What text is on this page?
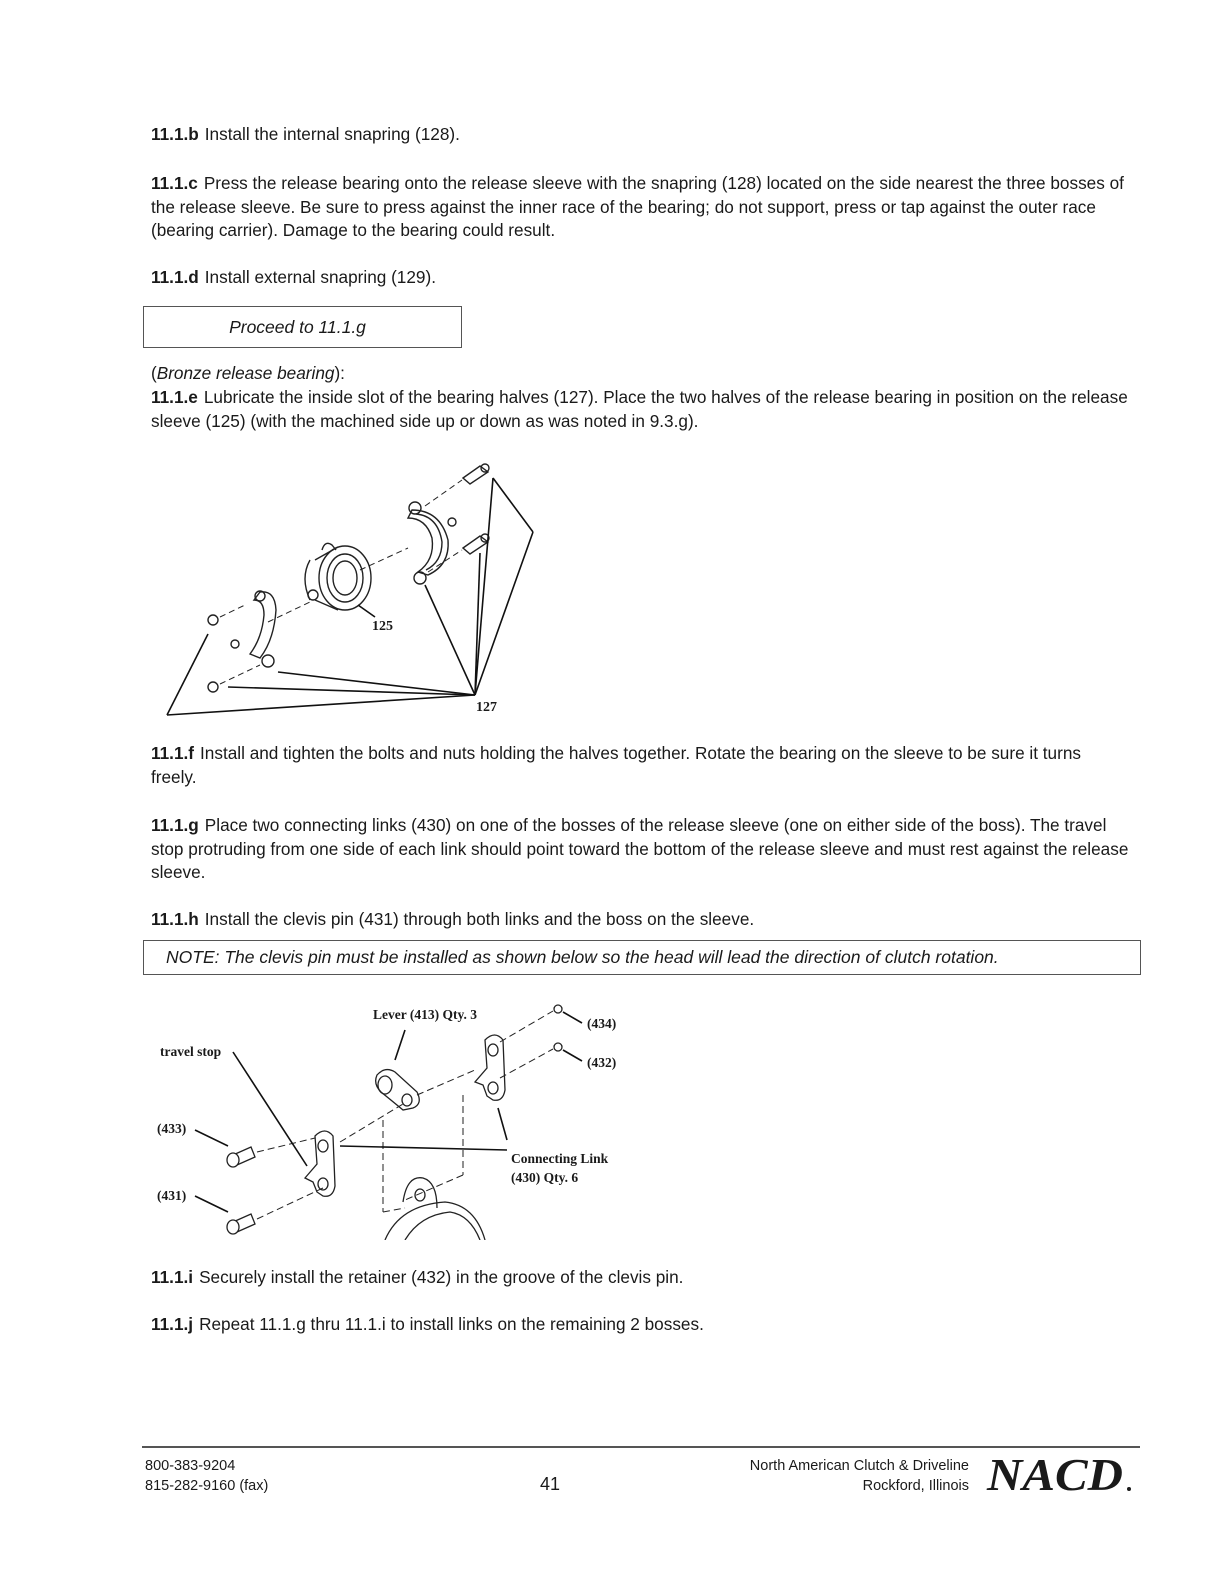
11.1.b Install the internal snapring (128).
11.1.c Press the release bearing onto the release sleeve with the snapring (128) located on the side nearest the three bosses of the release sleeve. Be sure to press against the inner race of the bearing; do not support, press or tap against the outer race (bearing carrier). Damage to the bearing could result.
11.1.d Install external snapring (129).
Proceed to 11.1.g
(Bronze release bearing):
11.1.e Lubricate the inside slot of the bearing halves (127). Place the two halves of the release bearing in position on the release sleeve (125) (with the machined side up or down as was noted in 9.3.g).
125
127
11.1.f Install and tighten the bolts and nuts holding the halves together. Rotate the bearing on the sleeve to be sure it turns freely.
11.1.g Place two connecting links (430) on one of the bosses of the release sleeve (one on either side of the boss). The travel stop protruding from one side of each link should point toward the bottom of the release sleeve and must rest against the release sleeve.
11.1.h Install the clevis pin (431) through both links and the boss on the sleeve.
NOTE: The clevis pin must be installed as shown below so the head will lead the direction of clutch rotation.
Lever (413) Qty. 3
travel stop
(433)
(431)
(434)
(432)
Connecting Link
(430) Qty. 6
11.1.i Securely install the retainer (432) in the groove of the clevis pin.
11.1.j Repeat 11.1.g thru 11.1.i to install links on the remaining 2 bosses.
800-383-9204
815-282-9160 (fax)	41
North American Clutch & Driveline
Rockford, Illinois NACD
